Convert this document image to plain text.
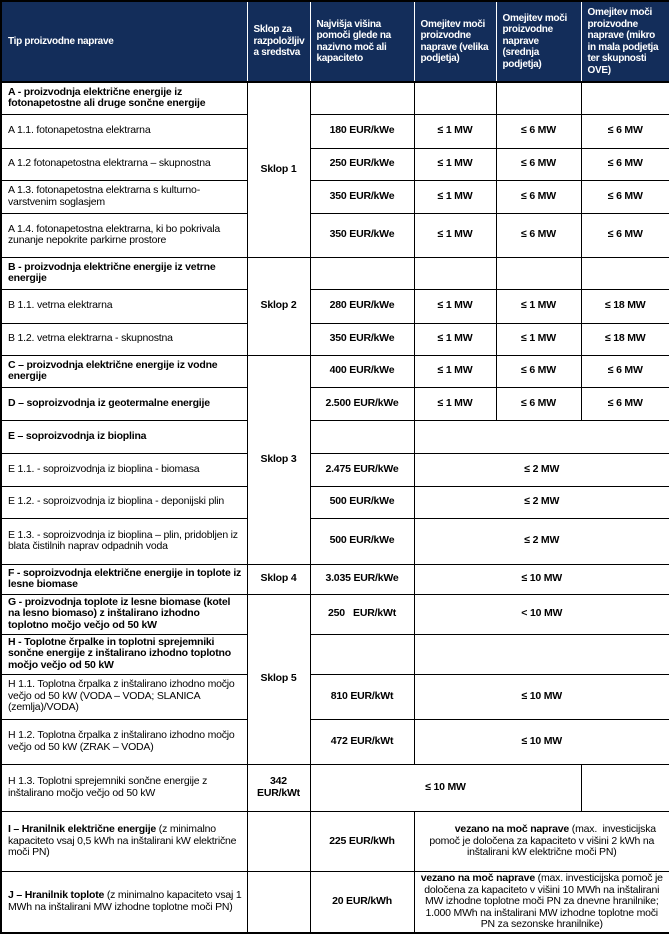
Tip proizvodne naprave	Sklop za razpoložljiva sredstva	Najvišja višina pomoči glede na nazivno moč ali kapaciteto	Omejitev moči proizvodne naprave (velika podjetja)	Omejitev moči proizvodne naprave (srednja podjetja)	Omejitev moči proizvodne naprave (mikro in mala podjetja ter skupnosti OVE)
A - proizvodnja električne energije iz fotonapetostne ali druge sončne energije	Sklop 1				
A 1.1. fotonapetostna elektrarna		180 EUR/kWe	≤ 1 MW	≤ 6 MW	≤ 6 MW
A 1.2 fotonapetostna elektrarna – skupnostna		250 EUR/kWe	≤ 1 MW	≤ 6 MW	≤ 6 MW
A 1.3. fotonapetostna elektrarna s kulturno-varstvenim soglasjem		350 EUR/kWe	≤ 1 MW	≤ 6 MW	≤ 6 MW
A 1.4. fotonapetostna elektrarna, ki bo pokrivala zunanje nepokrite parkirne prostore		350 EUR/kWe	≤ 1 MW	≤ 6 MW	≤ 6 MW
B - proizvodnja električne energije iz vetrne energije	Sklop 2				
B 1.1. vetrna elektrarna		280 EUR/kWe	≤ 1 MW	≤ 1 MW	≤ 18 MW
B 1.2. vetrna elektrarna - skupnostna		350 EUR/kWe	≤ 1 MW	≤ 1 MW	≤ 18 MW
C – proizvodnja električne energije iz vodne energije	Sklop 3	400 EUR/kWe	≤ 1 MW	≤ 6 MW	≤ 6 MW
D – soproizvodnja iz geotermalne energije		2.500 EUR/kWe	≤ 1 MW	≤ 6 MW	≤ 6 MW
E – soproizvodnja iz bioplina					
E 1.1. - soproizvodnja iz bioplina - biomasa		2.475 EUR/kWe	≤ 2 MW		
E 1.2. - soproizvodnja iz bioplina - deponijski plin		500 EUR/kWe	≤ 2 MW		
E 1.3. - soproizvodnja iz bioplina – plin, pridobljen iz blata čistilnih naprav odpadnih voda		500 EUR/kWe	≤ 2 MW		
F - soproizvodnja električne energije in toplote iz lesne biomase	Sklop 4	3.035 EUR/kWe	≤ 10 MW		
G - proizvodnja toplote iz lesne biomase (kotel na lesno biomaso) z inštalirano izhodno toplotno močjo večjo od 50 kW	Sklop 5	250   EUR/kWt	< 10 MW		
H - Toplotne črpalke in toplotni sprejemniki sončne energije z inštalirano izhodno toplotno močjo večjo od 50 kW					
H 1.1. Toplotna črpalka z inštalirano izhodno močjo večjo od 50 kW (VODA – VODA; SLANICA (zemlja)/VODA)		810 EUR/kWt	≤ 10 MW		
H 1.2. Toplotna črpalka z inštalirano izhodno močjo večjo od 50 kW (ZRAK – VODA)		472 EUR/kWt	≤ 10 MW		
H 1.3. Toplotni sprejemniki sončne energije z inštalirano močjo večjo od 50 kW	342 EUR/kWt	≤ 10 MW			
I – Hranilnik električne energije (z minimalno kapaciteto vsaj 0,5 kWh na inštalirani kW električne moči PN)		225 EUR/kWh	vezano na moč naprave (max.  investicijska pomoč je določena za kapaciteto v višini 2 kWh na inštalirani kW električne moči PN)		

J – Hranilnik toplote (z minimalno kapaciteto vsaj 1 MWh na inštalirani MW izhodne toplotne moči PN)		20 EUR/kWh	vezano na moč naprave (max. investicijska pomoč je določena za kapaciteto v višini 10 MWh na inštalirani MW izhodne toplotne moči PN za dnevne hranilnike; 1.000 MWh na inštalirani MW izhodne toplotne moči PN za sezonske hranilnike)		
